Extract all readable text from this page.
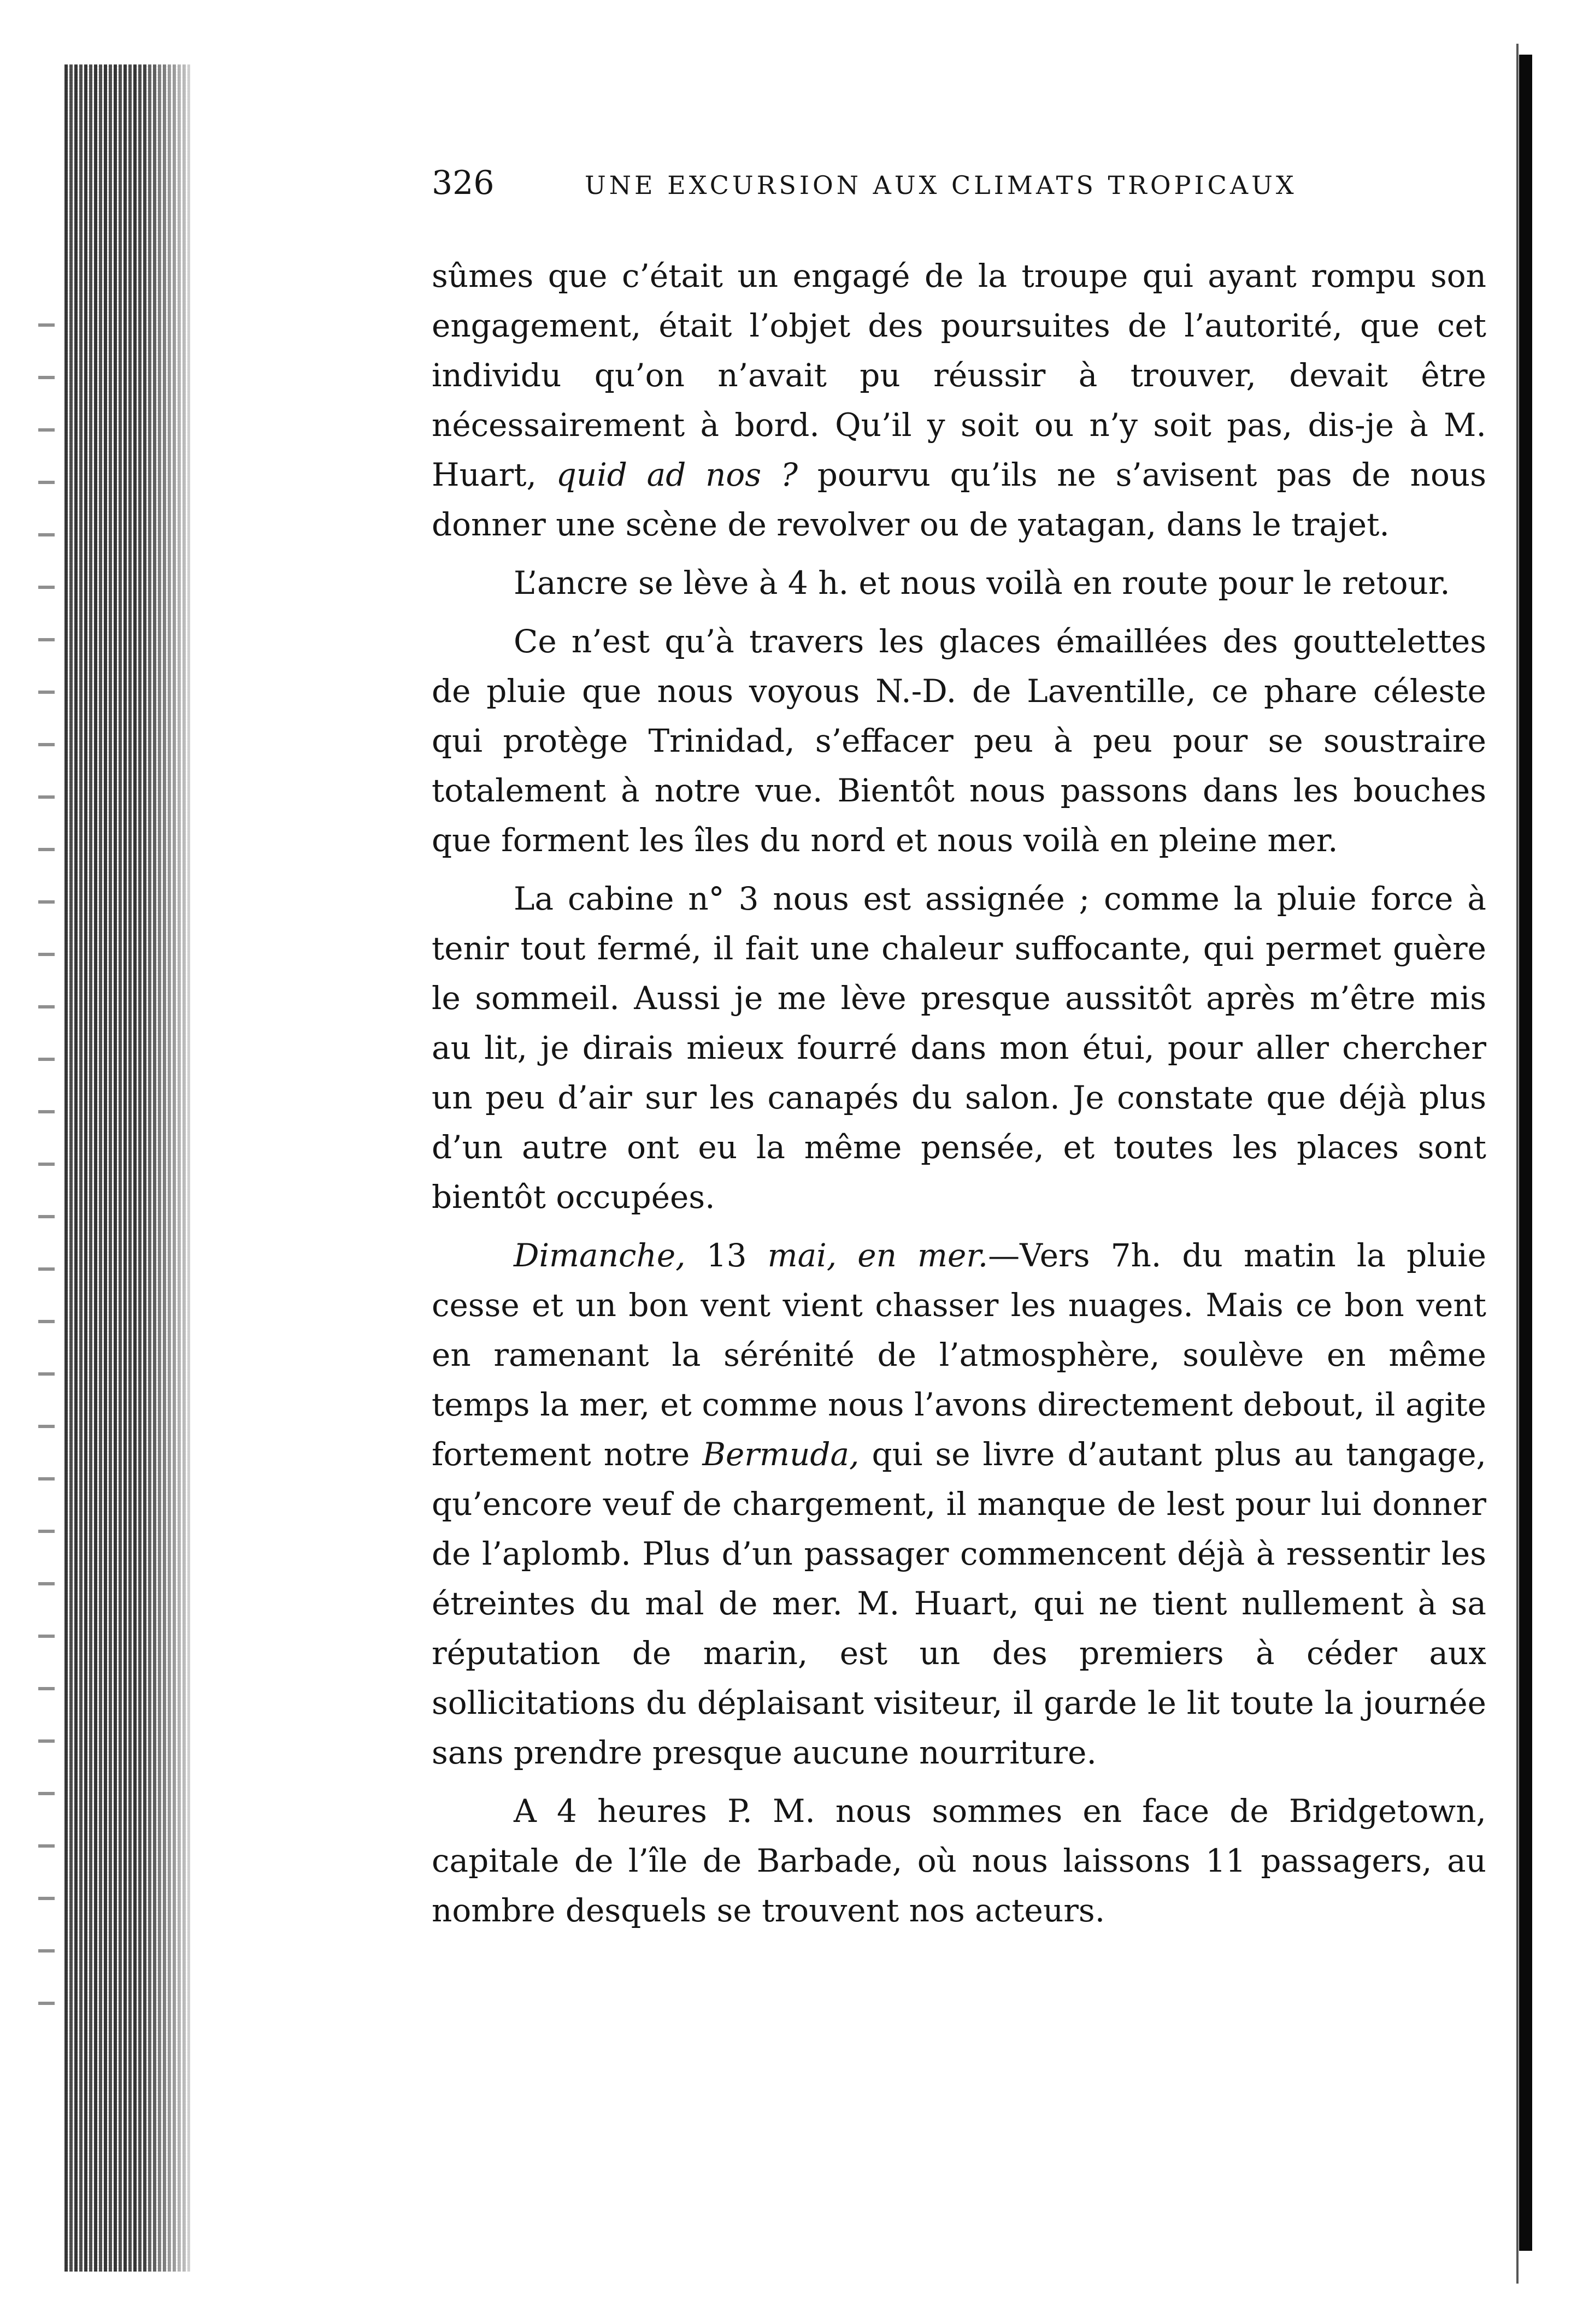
326	UNE EXCURSION AUX CLIMATS TROPICAUX

sûmes que c’était un engagé de la troupe qui ayant rompu son engagement, était l’objet des poursuites de l’autorité, que cet individu qu’on n’avait pu réussir à trouver, devait être nécessairement à bord. Qu’il y soit ou n’y soit pas, dis-je à M. Huart, quid ad nos ? pourvu qu’ils ne s’avisent pas de nous donner une scène de revolver ou de yatagan, dans le trajet.

L’ancre se lève à 4 h. et nous voilà en route pour le retour.

Ce n’est qu’à travers les glaces émaillées des gouttelettes de pluie que nous voyous N.-D. de Laventille, ce phare céleste qui protège Trinidad, s’effacer peu à peu pour se soustraire totalement à notre vue. Bientôt nous passons dans les bouches que forment les îles du nord et nous voilà en pleine mer.

La cabine n° 3 nous est assignée ; comme la pluie force à tenir tout fermé, il fait une chaleur suffocante, qui permet guère le sommeil. Aussi je me lève presque aussitôt après m’être mis au lit, je dirais mieux fourré dans mon étui, pour aller chercher un peu d’air sur les canapés du salon. Je constate que déjà plus d’un autre ont eu la même pensée, et toutes les places sont bientôt occupées.

Dimanche, 13 mai, en mer.—Vers 7h. du matin la pluie cesse et un bon vent vient chasser les nuages. Mais ce bon vent en ramenant la sérénité de l’atmosphère, soulève en même temps la mer, et comme nous l’avons directement debout, il agite fortement notre Bermuda, qui se livre d’autant plus au tangage, qu’encore veuf de chargement, il manque de lest pour lui donner de l’aplomb. Plus d’un passager commencent déjà à ressentir les étreintes du mal de mer. M. Huart, qui ne tient nullement à sa réputation de marin, est un des premiers à céder aux sollicitations du déplaisant visiteur, il garde le lit toute la journée sans prendre presque aucune nourriture.

A 4 heures P. M. nous sommes en face de Bridgetown, capitale de l’île de Barbade, où nous laissons 11 passagers, au nombre desquels se trouvent nos acteurs.
